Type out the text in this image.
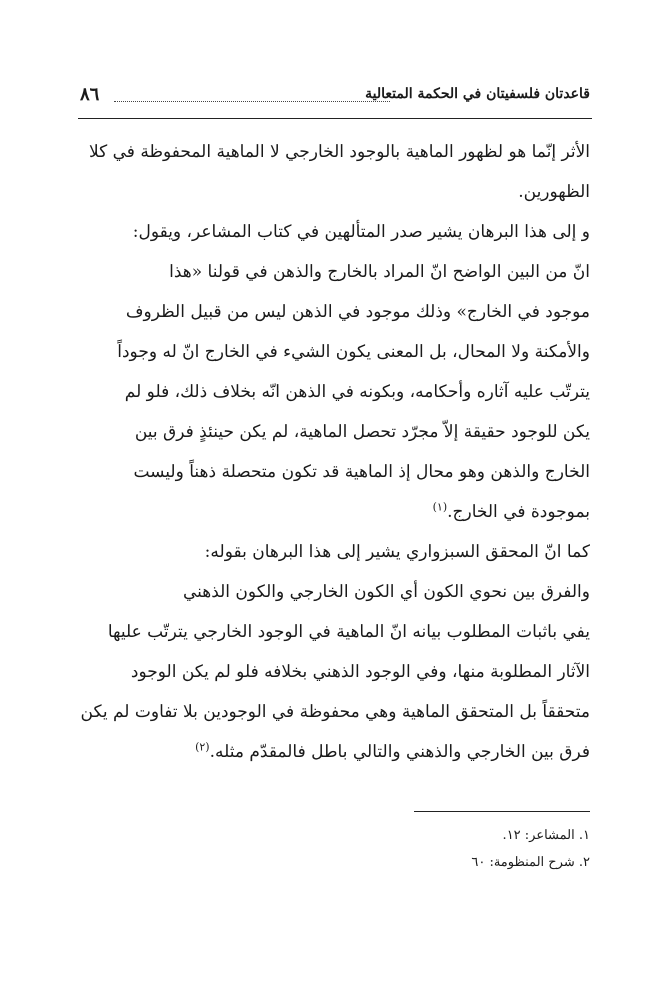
٨٦	قاعدتان فلسفيتان في الحكمة المتعالية
الأثر إنّما هو لظهور الماهية بالوجود الخارجي لا الماهية المحفوظة في كلا
الظهورين.
و إلى هذا البرهان يشير صدر المتألهين في كتاب المشاعر، ويقول:
انّ من البين الواضح انّ المراد بالخارج والذهن في قولنا «هذا
موجود في الخارج» وذلك موجود في الذهن ليس من قبيل الظروف
والأمكنة ولا المحال، بل المعنى يكون الشيء في الخارج انّ له وجوداً
يترتّب عليه آثاره وأحكامه، وبكونه في الذهن انّه بخلاف ذلك، فلو لم
يكن للوجود حقيقة إلاّ مجرّد تحصل الماهية، لم يكن حينئذٍ فرق بين
الخارج والذهن وهو محال إذ الماهية قد تكون متحصلة ذهناً وليست
بموجودة في الخارج.$^{(١)}$
كما انّ المحقق السبزواري يشير إلى هذا البرهان بقوله:
والفرق بين نحوي الكون أي الكون الخارجي والكون الذهني
يفي باثبات المطلوب بيانه انّ الماهية في الوجود الخارجي يترتّب عليها
الآثار المطلوبة منها، وفي الوجود الذهني بخلافه فلو لم يكن الوجود
متحققاً بل المتحقق الماهية وهي محفوظة في الوجودين بلا تفاوت لم يكن
فرق بين الخارجي والذهني والتالي باطل فالمقدّم مثله.$^{(٢)}$
١. المشاعر: ١٢.
٢. شرح المنظومة: ٦٠
